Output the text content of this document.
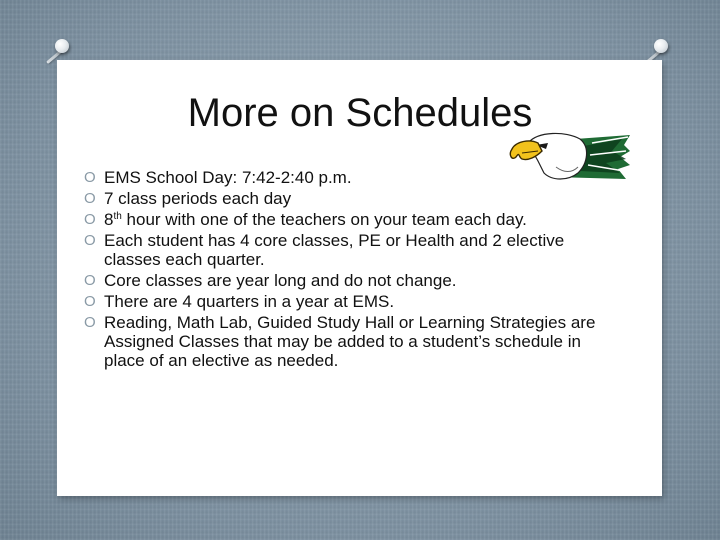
More on Schedules
O EMS School Day: 7:42-2:40 p.m.
O 7 class periods each day
O 8th hour with one of the teachers on your team each day.
O Each student has 4 core classes, PE or Health and 2 elective classes each quarter.
O Core classes are year long and do not change.
O There are 4 quarters in a year at EMS.
O Reading, Math Lab, Guided Study Hall or Learning Strategies are Assigned Classes that may be added to a student’s schedule in place of an elective as needed.
